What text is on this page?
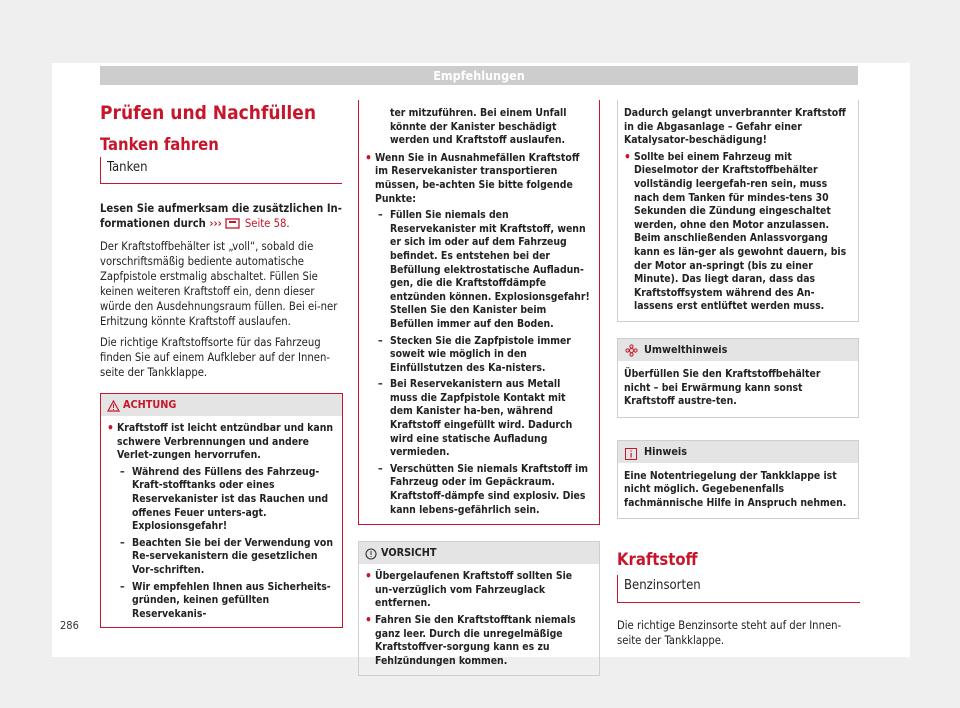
Empfehlungen
Prüfen und Nachfüllen
Tanken fahren
Tanken

Lesen Sie aufmerksam die zusätzlichen In-formationen durch ››› Seite 58.

Der Kraftstoffbehälter ist „voll“, sobald die vorschriftsmäßig bediente automatische Zapfpistole erstmalig abschaltet. Füllen Sie keinen weiteren Kraftstoff ein, denn dieser würde den Ausdehnungsraum füllen. Bei ei-ner Erhitzung könnte Kraftstoff auslaufen.

Die richtige Kraftstoffsorte für das Fahrzeug finden Sie auf einem Aufkleber auf der Innen-seite der Tankklappe.

ACHTUNG
• Kraftstoff ist leicht entzündbar und kann schwere Verbrennungen und andere Verlet-zungen hervorrufen.
– Während des Füllens des Fahrzeug-Kraft-stofftanks oder eines Reservekanister ist das Rauchen und offenes Feuer unters-agt. Explosionsgefahr!
– Beachten Sie bei der Verwendung von Re-servekanistern die gesetzlichen Vor-schriften.
– Wir empfehlen Ihnen aus Sicherheits-gründen, keinen gefüllten Reservekanis-
ter mitzuführen. Bei einem Unfall könnte der Kanister beschädigt werden und Kraftstoff auslaufen.
• Wenn Sie in Ausnahmefällen Kraftstoff im Reservekanister transportieren müssen, be-achten Sie bitte folgende Punkte:
– Füllen Sie niemals den Reservekanister mit Kraftstoff, wenn er sich im oder auf dem Fahrzeug befindet. Es entstehen bei der Befüllung elektrostatische Aufladun-gen, die die Kraftstoffdämpfe entzünden können. Explosionsgefahr! Stellen Sie den Kanister beim Befüllen immer auf den Boden.
– Stecken Sie die Zapfpistole immer soweit wie möglich in den Einfüllstutzen des Ka-nisters.
– Bei Reservekanistern aus Metall muss die Zapfpistole Kontakt mit dem Kanister ha-ben, während Kraftstoff eingefüllt wird. Dadurch wird eine statische Aufladung vermieden.
– Verschütten Sie niemals Kraftstoff im Fahrzeug oder im Gepäckraum. Kraftstoff-dämpfe sind explosiv. Dies kann lebens-gefährlich sein.
VORSICHT
• Übergelaufenen Kraftstoff sollten Sie un-verzüglich vom Fahrzeuglack entfernen.
• Fahren Sie den Kraftstofftank niemals ganz leer. Durch die unregelmäßige Kraftstoffver-sorgung kann es zu Fehlzündungen kommen.
Dadurch gelangt unverbrannter Kraftstoff in die Abgasanlage – Gefahr einer Katalysator-beschädigung!
• Sollte bei einem Fahrzeug mit Dieselmotor der Kraftstoffbehälter vollständig leergefah-ren sein, muss nach dem Tanken für mindes-tens 30 Sekunden die Zündung eingeschaltet werden, ohne den Motor anzulassen. Beim anschließenden Anlassvorgang kann es län-ger als gewohnt dauern, bis der Motor an-springt (bis zu einer Minute). Das liegt daran, dass das Kraftstoffsystem während des An-lassens erst entlüftet werden muss.
Umwelthinweis
Überfüllen Sie den Kraftstoffbehälter nicht – bei Erwärmung kann sonst Kraftstoff austre-ten.
Hinweis
Eine Notentriegelung der Tankklappe ist nicht möglich. Gegebenenfalls fachmännische Hilfe in Anspruch nehmen.
Kraftstoff
Benzinsorten

Die richtige Benzinsorte steht auf der Innen-seite der Tankklappe.

286
